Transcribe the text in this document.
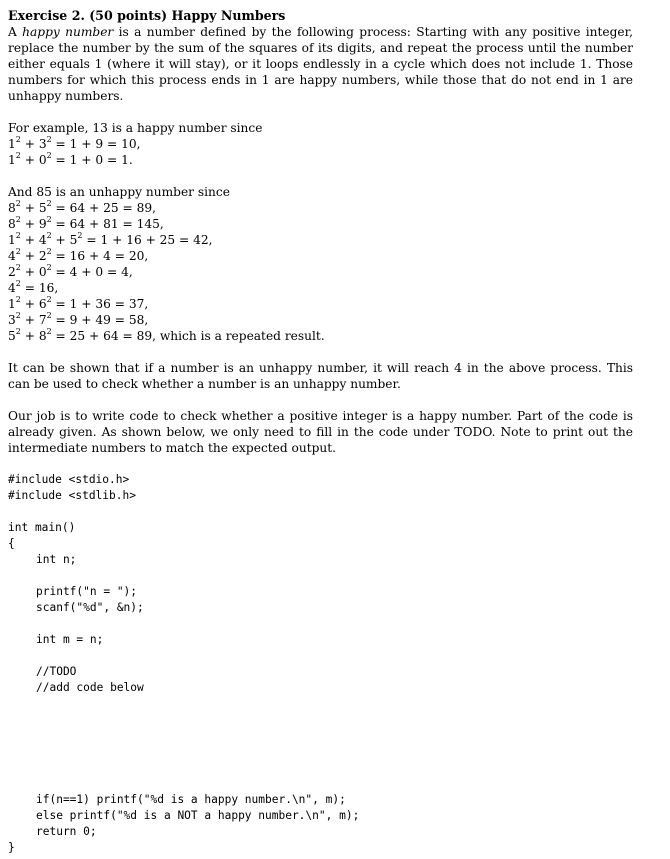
Exercise 2. (50 points) Happy Numbers
A happy number is a number defined by the following process: Starting with any positive integer, replace the number by the sum of the squares of its digits, and repeat the process until the number either equals 1 (where it will stay), or it loops endlessly in a cycle which does not include 1. Those numbers for which this process ends in 1 are happy numbers, while those that do not end in 1 are unhappy numbers.
For example, 13 is a happy number since
$1^2 + 3^2 = 1 + 9 = 10$,
$1^2 + 0^2 = 1 + 0 = 1$.
And 85 is an unhappy number since
$8^2 + 5^2 = 64 + 25 = 89$,
$8^2 + 9^2 = 64 + 81 = 145$,
$1^2 + 4^2 + 5^2 = 1 + 16 + 25 = 42$,
$4^2 + 2^2 = 16 + 4 = 20$,
$2^2 + 0^2 = 4 + 0 = 4$,
$4^2 = 16$,
$1^2 + 6^2 = 1 + 36 = 37$,
$3^2 + 7^2 = 9 + 49 = 58$,
$5^2 + 8^2 = 25 + 64 = 89$, which is a repeated result.
It can be shown that if a number is an unhappy number, it will reach 4 in the above process. This can be used to check whether a number is an unhappy number.
Our job is to write code to check whether a positive integer is a happy number. Part of the code is already given. As shown below, we only need to fill in the code under TODO. Note to print out the intermediate numbers to match the expected output.
#include <stdio.h>
#include <stdlib.h>
int main()
{
int n;
printf("n = ");
scanf("%d", &n);
int m = n;
//TODO
//add code below
if(n==1) printf("%d is a happy number.\n", m);
else printf("%d is a NOT a happy number.\n", m);
return 0;
}
